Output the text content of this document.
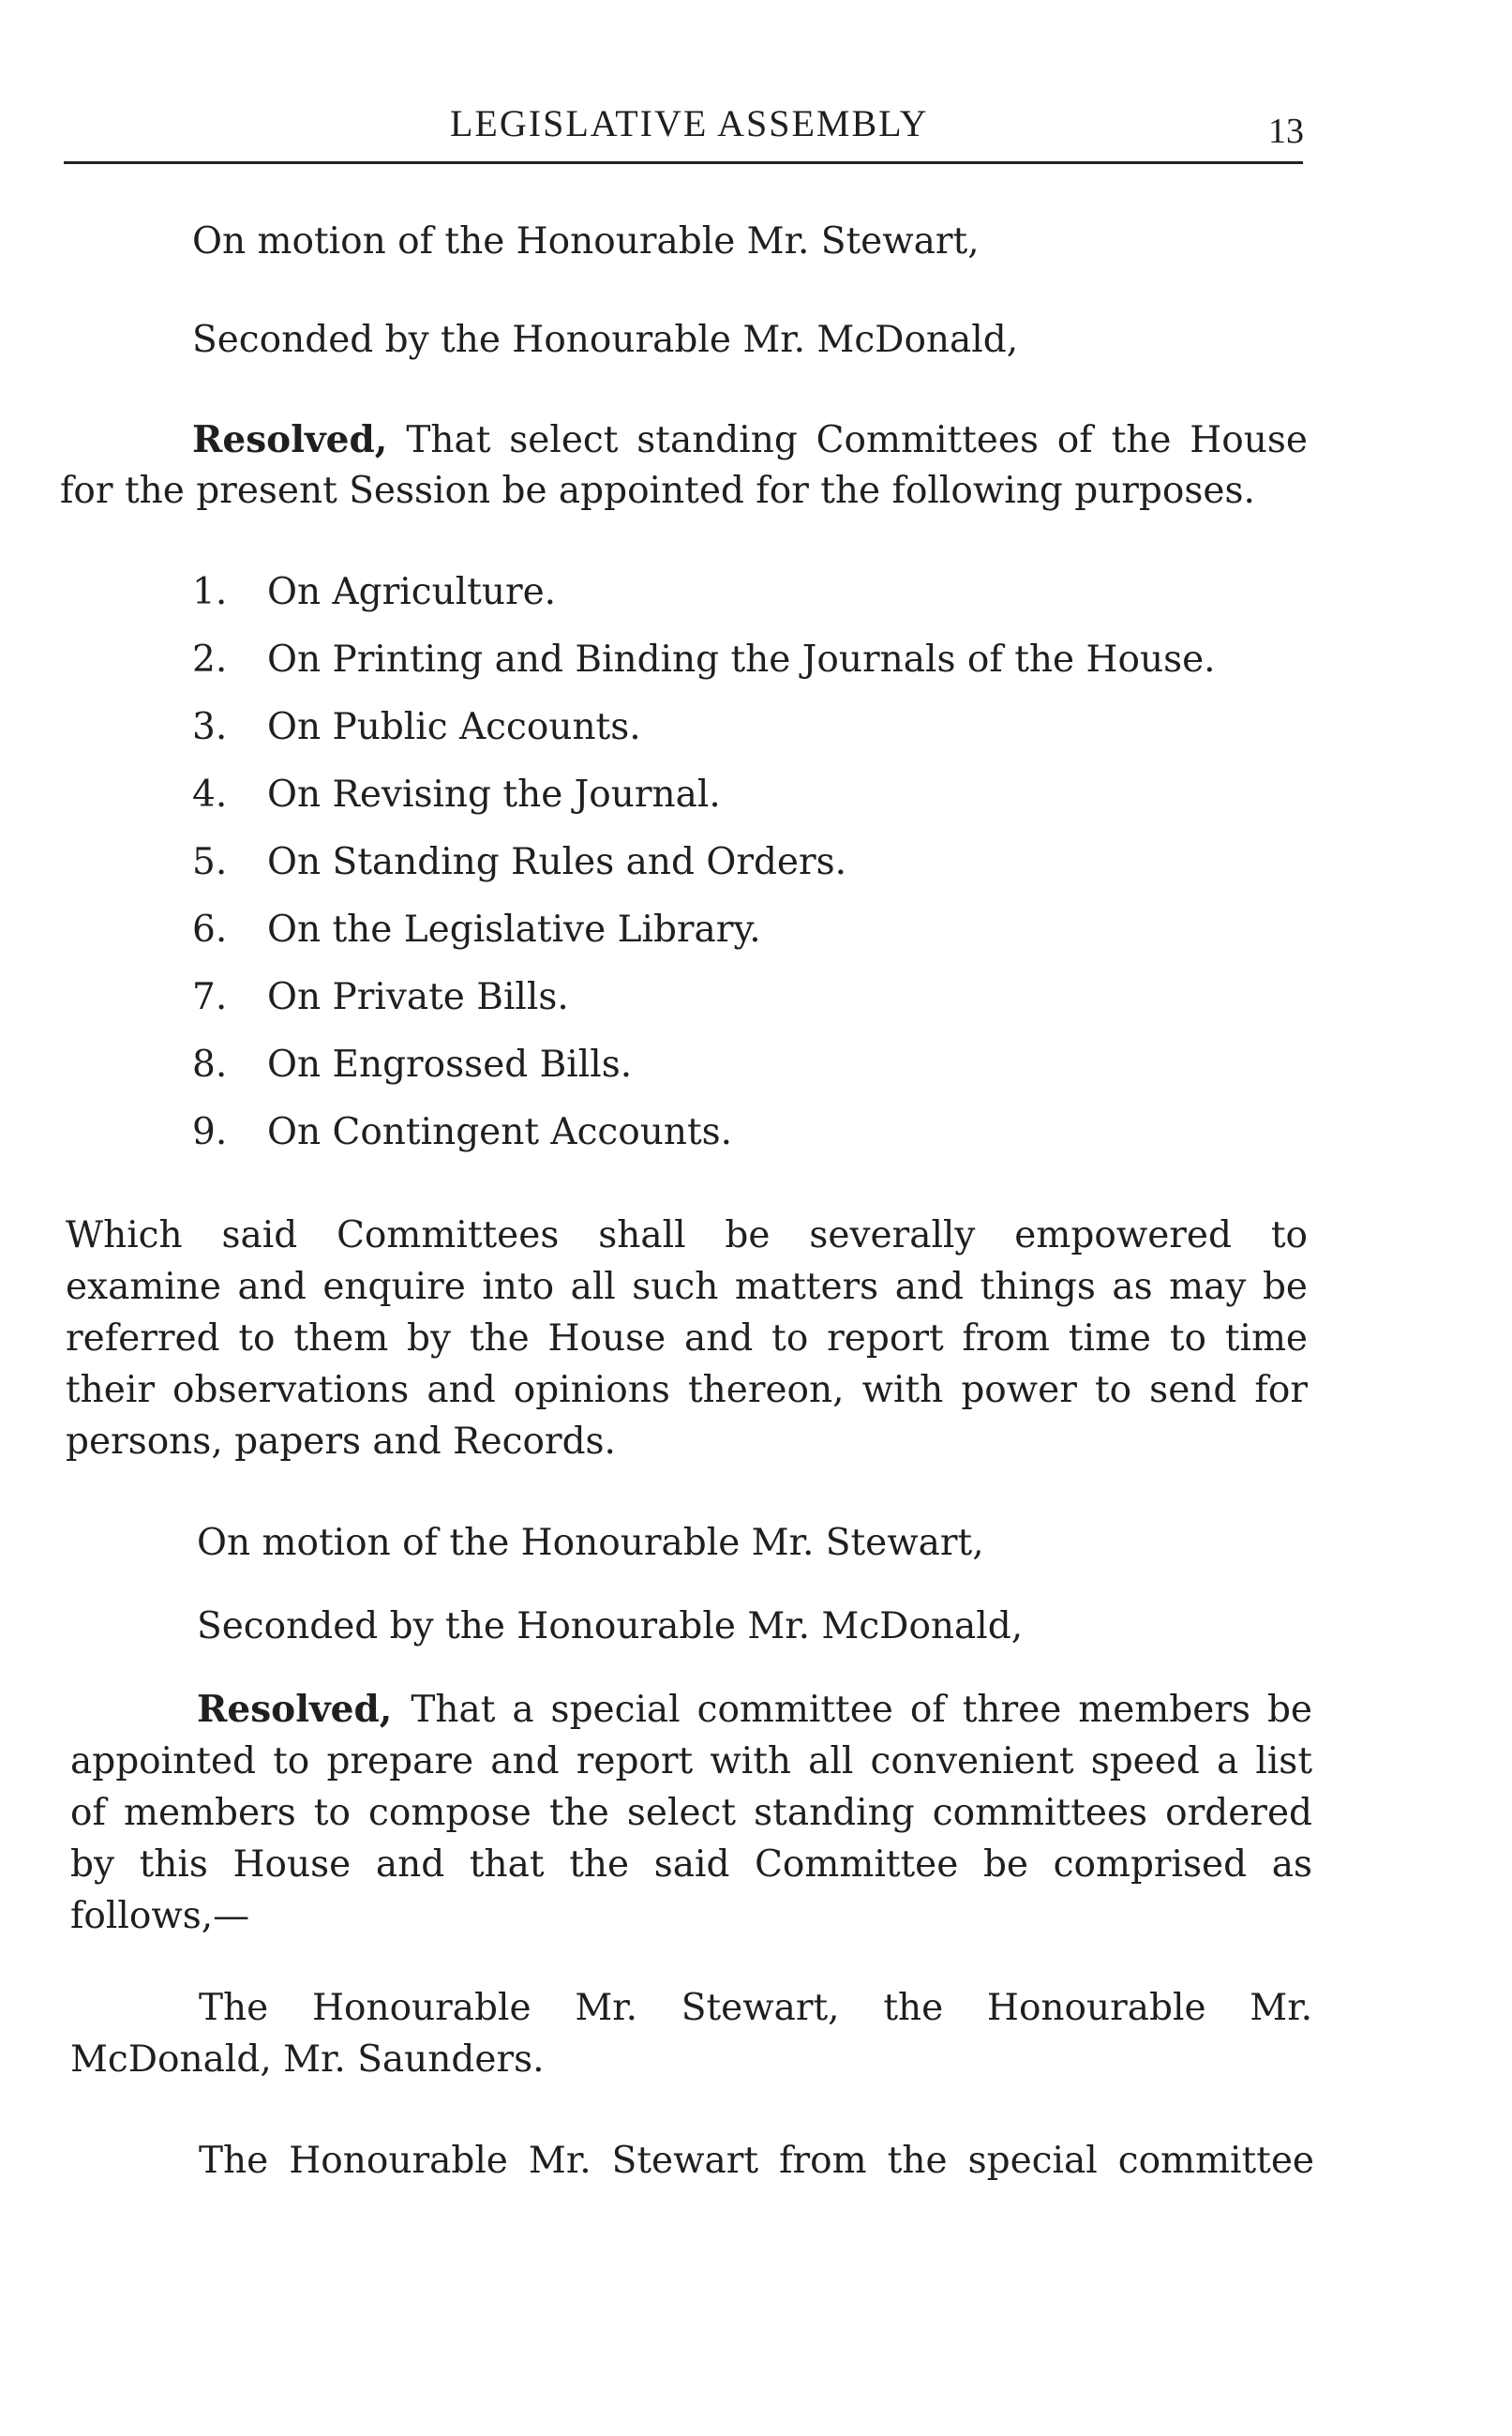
LEGISLATIVE ASSEMBLY	13
On motion of the Honourable Mr. Stewart,
Seconded by the Honourable Mr. McDonald,
Resolved, That select standing Committees of the House
for the present Session be appointed for the following purposes.
1. On Agriculture.
2. On Printing and Binding the Journals of the House.
3. On Public Accounts.
4. On Revising the Journal.
5. On Standing Rules and Orders.
6. On the Legislative Library.
7. On Private Bills.
8. On Engrossed Bills.
9. On Contingent Accounts.
Which said Committees shall be severally empowered to
examine and enquire into all such matters and things as may be
referred to them by the House and to report from time to time
their observations and opinions thereon, with power to send for
persons, papers and Records.
On motion of the Honourable Mr. Stewart,
Seconded by the Honourable Mr. McDonald,
Resolved, That a special committee of three members be
appointed to prepare and report with all convenient speed a list
of members to compose the select standing committees ordered
by this House and that the said Committee be comprised as
follows,—
The Honourable Mr. Stewart, the Honourable Mr.
McDonald, Mr. Saunders.
The Honourable Mr. Stewart from the special committee
